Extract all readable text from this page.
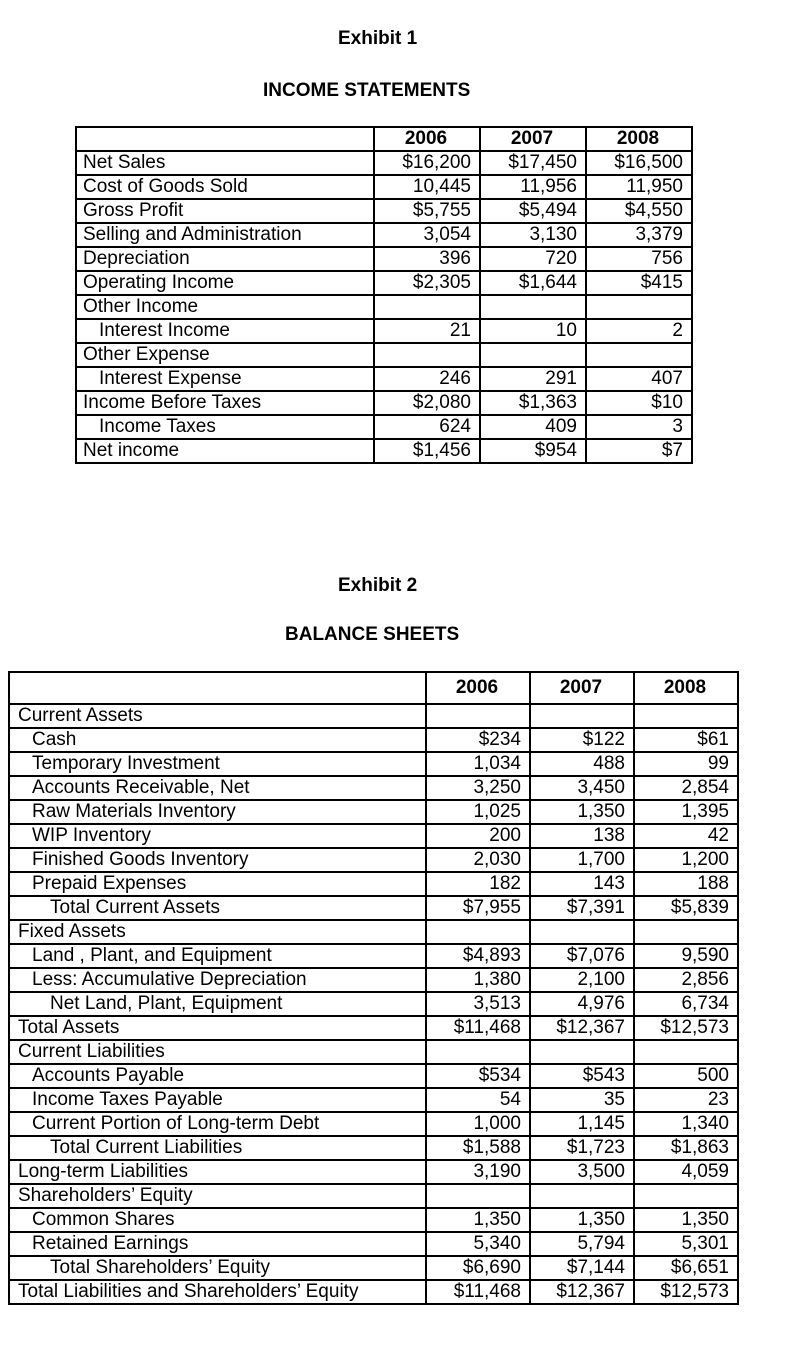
Exhibit 1
INCOME STATEMENTS
	2006	2007	2008
Net Sales	$16,200	$17,450	$16,500
Cost of Goods Sold	10,445	11,956	11,950
Gross Profit	$5,755	$5,494	$4,550
Selling and Administration	3,054	3,130	3,379
Depreciation	396	720	756
Operating Income	$2,305	$1,644	$415
Other Income			
Interest Income	21	10	2
Other Expense			
Interest Expense	246	291	407
Income Before Taxes	$2,080	$1,363	$10
Income Taxes	624	409	3
Net income	$1,456	$954	$7
Exhibit 2
BALANCE SHEETS
	2006	2007	2008
Current Assets			
Cash	$234	$122	$61
Temporary Investment	1,034	488	99
Accounts Receivable, Net	3,250	3,450	2,854
Raw Materials Inventory	1,025	1,350	1,395
WIP Inventory	200	138	42
Finished Goods Inventory	2,030	1,700	1,200
Prepaid Expenses	182	143	188
Total Current Assets	$7,955	$7,391	$5,839
Fixed Assets			
Land , Plant, and Equipment	$4,893	$7,076	9,590
Less: Accumulative Depreciation	1,380	2,100	2,856
Net Land, Plant, Equipment	3,513	4,976	6,734
Total Assets	$11,468	$12,367	$12,573
Current Liabilities			
Accounts Payable	$534	$543	500
Income Taxes Payable	54	35	23
Current Portion of Long-term Debt	1,000	1,145	1,340
Total Current Liabilities	$1,588	$1,723	$1,863
Long-term Liabilities	3,190	3,500	4,059
Shareholders’ Equity			
Common Shares	1,350	1,350	1,350
Retained Earnings	5,340	5,794	5,301
Total Shareholders’ Equity	$6,690	$7,144	$6,651
Total Liabilities and Shareholders’ Equity	$11,468	$12,367	$12,573
